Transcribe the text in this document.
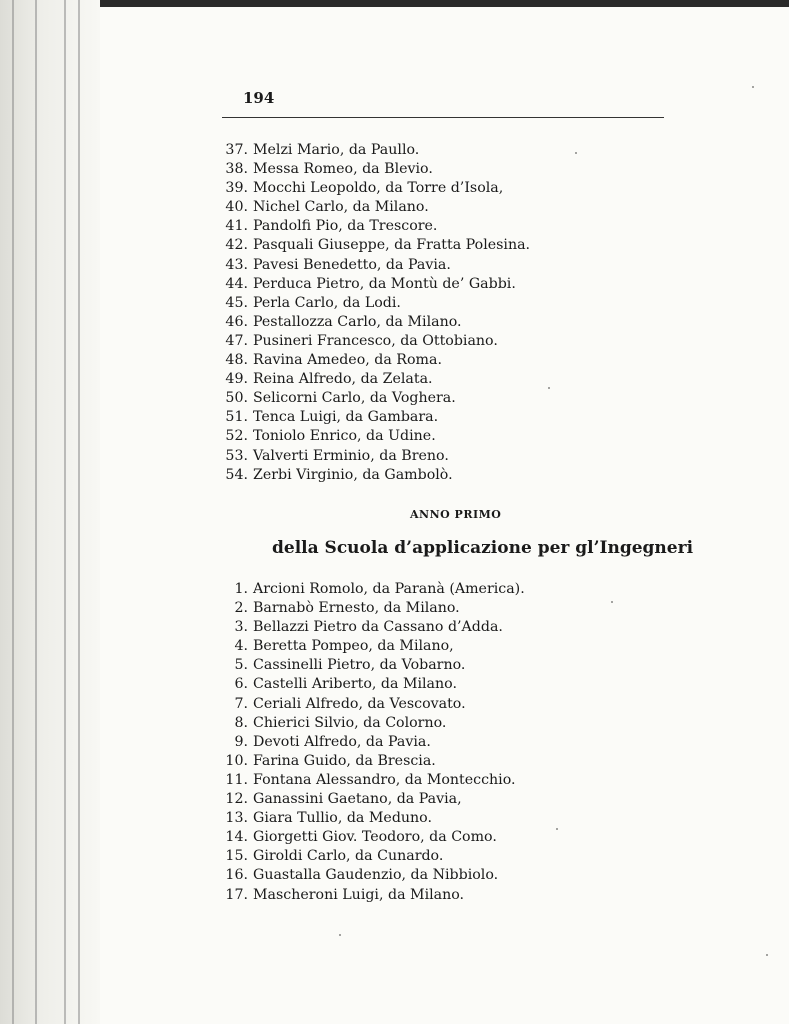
194
37. Melzi Mario, da Paullo.
38. Messa Romeo, da Blevio.
39. Mocchi Leopoldo, da Torre d’Isola,
40. Nichel Carlo, da Milano.
41. Pandolfi Pio, da Trescore.
42. Pasquali Giuseppe, da Fratta Polesina.
43. Pavesi Benedetto, da Pavia.
44. Perduca Pietro, da Montù de’ Gabbi.
45. Perla Carlo, da Lodi.
46. Pestallozza Carlo, da Milano.
47. Pusineri Francesco, da Ottobiano.
48. Ravina Amedeo, da Roma.
49. Reina Alfredo, da Zelata.
50. Selicorni Carlo, da Voghera.
51. Tenca Luigi, da Gambara.
52. Toniolo Enrico, da Udine.
53. Valverti Erminio, da Breno.
54. Zerbi Virginio, da Gambolò.
ANNO PRIMO
della Scuola d’applicazione per gl’Ingegneri
1. Arcioni Romolo, da Paranà (America).
2. Barnabò Ernesto, da Milano.
3. Bellazzi Pietro da Cassano d’Adda.
4. Beretta Pompeo, da Milano,
5. Cassinelli Pietro, da Vobarno.
6. Castelli Ariberto, da Milano.
7. Ceriali Alfredo, da Vescovato.
8. Chierici Silvio, da Colorno.
9. Devoti Alfredo, da Pavia.
10. Farina Guido, da Brescia.
11. Fontana Alessandro, da Montecchio.
12. Ganassini Gaetano, da Pavia,
13. Giara Tullio, da Meduno.
14. Giorgetti Giov. Teodoro, da Como.
15. Giroldi Carlo, da Cunardo.
16. Guastalla Gaudenzio, da Nibbiolo.
17. Mascheroni Luigi, da Milano.
